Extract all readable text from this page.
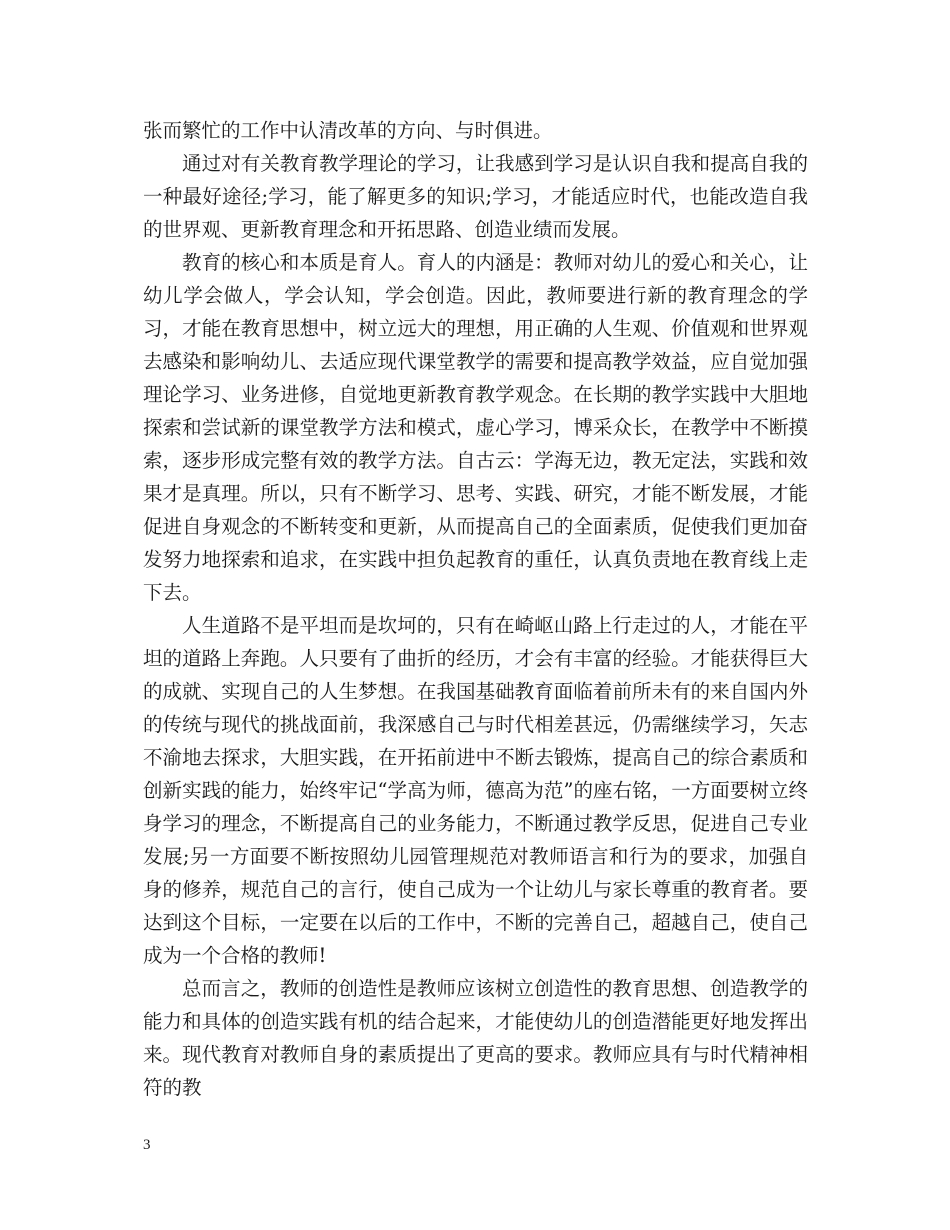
张而繁忙的工作中认清改革的方向、与时俱进。

通过对有关教育教学理论的学习，让我感到学习是认识自我和提高自我的一种最好途径;学习，能了解更多的知识;学习，才能适应时代，也能改造自我的世界观、更新教育理念和开拓思路、创造业绩而发展。

教育的核心和本质是育人。育人的内涵是：教师对幼儿的爱心和关心，让幼儿学会做人，学会认知，学会创造。因此，教师要进行新的教育理念的学习，才能在教育思想中，树立远大的理想，用正确的人生观、价值观和世界观去感染和影响幼儿、去适应现代课堂教学的需要和提高教学效益，应自觉加强理论学习、业务进修，自觉地更新教育教学观念。在长期的教学实践中大胆地探索和尝试新的课堂教学方法和模式，虚心学习，博采众长，在教学中不断摸索，逐步形成完整有效的教学方法。自古云：学海无边，教无定法，实践和效果才是真理。所以，只有不断学习、思考、实践、研究，才能不断发展，才能促进自身观念的不断转变和更新，从而提高自己的全面素质，促使我们更加奋发努力地探索和追求，在实践中担负起教育的重任，认真负责地在教育线上走下去。

人生道路不是平坦而是坎坷的，只有在崎岖山路上行走过的人，才能在平坦的道路上奔跑。人只要有了曲折的经历，才会有丰富的经验。才能获得巨大的成就、实现自己的人生梦想。在我国基础教育面临着前所未有的来自国内外的传统与现代的挑战面前，我深感自己与时代相差甚远，仍需继续学习，矢志不渝地去探求，大胆实践，在开拓前进中不断去锻炼，提高自己的综合素质和创新实践的能力，始终牢记“学高为师，德高为范”的座右铭，一方面要树立终身学习的理念，不断提高自己的业务能力，不断通过教学反思，促进自己专业发展;另一方面要不断按照幼儿园管理规范对教师语言和行为的要求，加强自身的修养，规范自己的言行，使自己成为一个让幼儿与家长尊重的教育者。要达到这个目标，一定要在以后的工作中，不断的完善自己，超越自己，使自己成为一个合格的教师!

总而言之，教师的创造性是教师应该树立创造性的教育思想、创造教学的能力和具体的创造实践有机的结合起来，才能使幼儿的创造潜能更好地发挥出来。现代教育对教师自身的素质提出了更高的要求。教师应具有与时代精神相符的教

3
